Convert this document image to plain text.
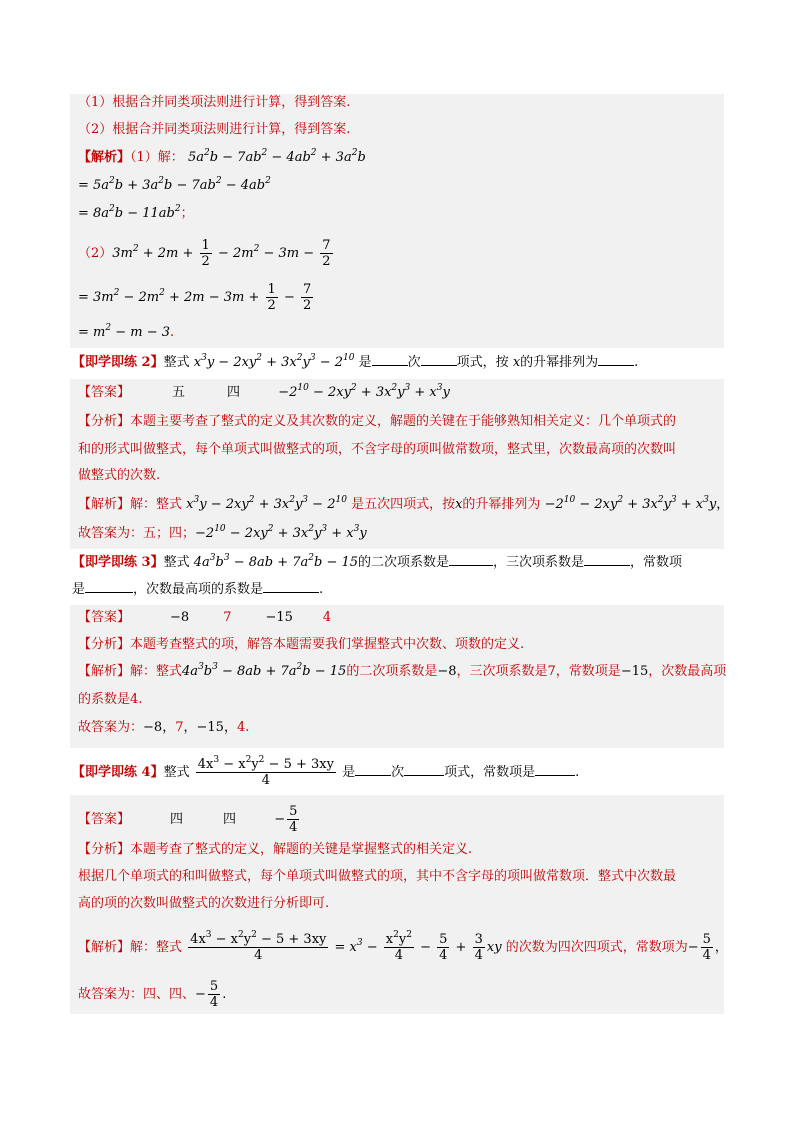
（1）根据合并同类项法则进行计算，得到答案.
（2）根据合并同类项法则进行计算，得到答案.
【解析】（1）解： $5a^2b - 7ab^2 - 4ab^2 + 3a^2b$
= $5a^2b + 3a^2b - 7ab^2 - 4ab^2$
= $8a^2b - 11ab^2$；
$(2)3m^2 + 2m + \frac{1}{2} - 2m^2 - 3m - \frac{7}{2}$
= $3m^2 - 2m^2 + 2m - 3m + \frac{1}{2} - \frac{7}{2}$
= $m^2 - m - 3$.
【即学即练 2】整式 $x^3y - 2xy^2 + 3x^2y^3 - 2^{10}$ 是	次	项式，按 x的升幂排列为	.
【答案】	五	四	$-2^{10} - 2xy^2 + 3x^2y^3 + x^3y$
【分析】本题主要考查了整式的定义及其次数的定义，解题的关键在于能够熟知相关定义：几个单项式的
和的形式叫做整式，每个单项式叫做整式的项，不含字母的项叫做常数项，整式里，次数最高项的次数叫
做整式的次数.
【解析】解：整式 $x^3y - 2xy^2 + 3x^2y^3 - 2^{10}$ 是五次四项式，按x的升幂排列为 $-2^{10} - 2xy^2 + 3x^2y^3 + x^3y$，
故答案为：五；四；$-2^{10} - 2xy^2 + 3x^2y^3 + x^3y$
【即学即练 3】整式 $4a^3b^3 - 8ab + 7a^2b - 15$的二次项系数是	，三次项系数是	，常数项
是	，次数最高项的系数是	.
【答案】	−8	7	−15 4
【分析】本题考查整式的项，解答本题需要我们掌握整式中次数、项数的定义.
【解析】解：整式$4a^3b^3 - 8ab + 7a^2b - 15$的二次项系数是−8，三次项系数是7，常数项是−15，次数最高项
的系数是4.
故答案为：−8，7，−15，4.
【即学即练 4】整式 $\frac{4x^3 - x^2y^2 - 5 + 3xy}{4}$ 是	次	项式，常数项是	.
【答案】	四	四	− $\frac{5}{4}$
【分析】本题考查了整式的定义，解题的关键是掌握整式的相关定义.
根据几个单项式的和叫做整式，每个单项式叫做整式的项，其中不含字母的项叫做常数项．整式中次数最
高的项的次数叫做整式的次数进行分析即可.
【解析】解：整式 $\frac{4x^3 - x^2y^2 - 5 + 3xy}{4} = x^3 - \frac{x^2y^2}{4} - \frac{5}{4} + \frac{3}{4}$ xy 的次数为四次四项式，常数项为− $\frac{5}{4}$ ，
故答案为：四、四、− $\frac{5}{4}$ .
